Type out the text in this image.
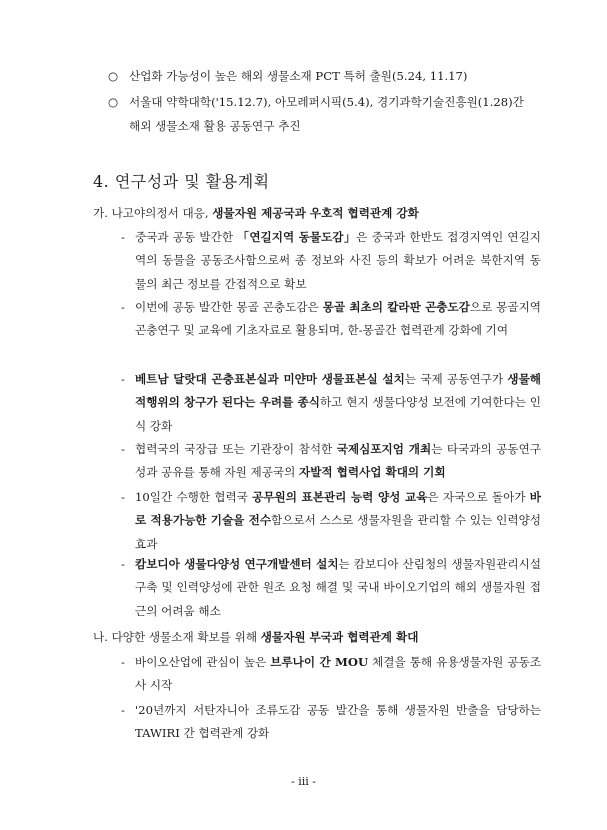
○ 산업화 가능성이 높은 해외 생물소재 PCT 특허 출원(5.24, 11.17)
○ 서울대 약학대학('15.12.7), 아모레퍼시픽(5.4), 경기과학기술진흥원(1.28)간
해외 생물소재 활용 공동연구 추진
4. 연구성과 및 활용계획
가. 나고야의정서 대응, 생물자원 제공국과 우호적 협력관계 강화
- 중국과 공동 발간한 「연길지역 동물도감」은 중국과 한반도 접경지역인 연길지역의 동물을 공동조사함으로써 종 정보와 사진 등의 확보가 어려운 북한지역 동물의 최근 정보를 간접적으로 확보
- 이번에 공동 발간한 몽골 곤충도감은 몽골 최초의 칼라판 곤충도감으로 몽골지역 곤충연구 및 교육에 기초자료로 활용되며, 한-몽골간 협력관계 강화에 기여
- 베트남 달랏대 곤충표본실과 미얀마 생물표본실 설치는 국제 공동연구가 생물해적행위의 창구가 된다는 우려를 종식하고 현지 생물다양성 보전에 기여한다는 인식 강화
- 협력국의 국장급 또는 기관장이 참석한 국제심포지엄 개최는 타국과의 공동연구 성과 공유를 통해 자원 제공국의 자발적 협력사업 확대의 기회
- 10일간 수행한 협력국 공무원의 표본관리 능력 양성 교육은 자국으로 돌아가 바로 적용가능한 기술을 전수함으로서 스스로 생물자원을 관리할 수 있는 인력양성 효과
- 캄보디아 생물다양성 연구개발센터 설치는 캄보디아 산림청의 생물자원관리시설 구축 및 인력양성에 관한 원조 요청 해결 및 국내 바이오기업의 해외 생물자원 접근의 어려움 해소
나. 다양한 생물소재 확보를 위해 생물자원 부국과 협력관계 확대
- 바이오산업에 관심이 높은 브루나이 간 MOU 체결을 통해 유용생물자원 공동조사 시작
- '20년까지 서탄자니아 조류도감 공동 발간을 통해 생물자원 반출을 담당하는 TAWIRI 간 협력관계 강화
- iii -
